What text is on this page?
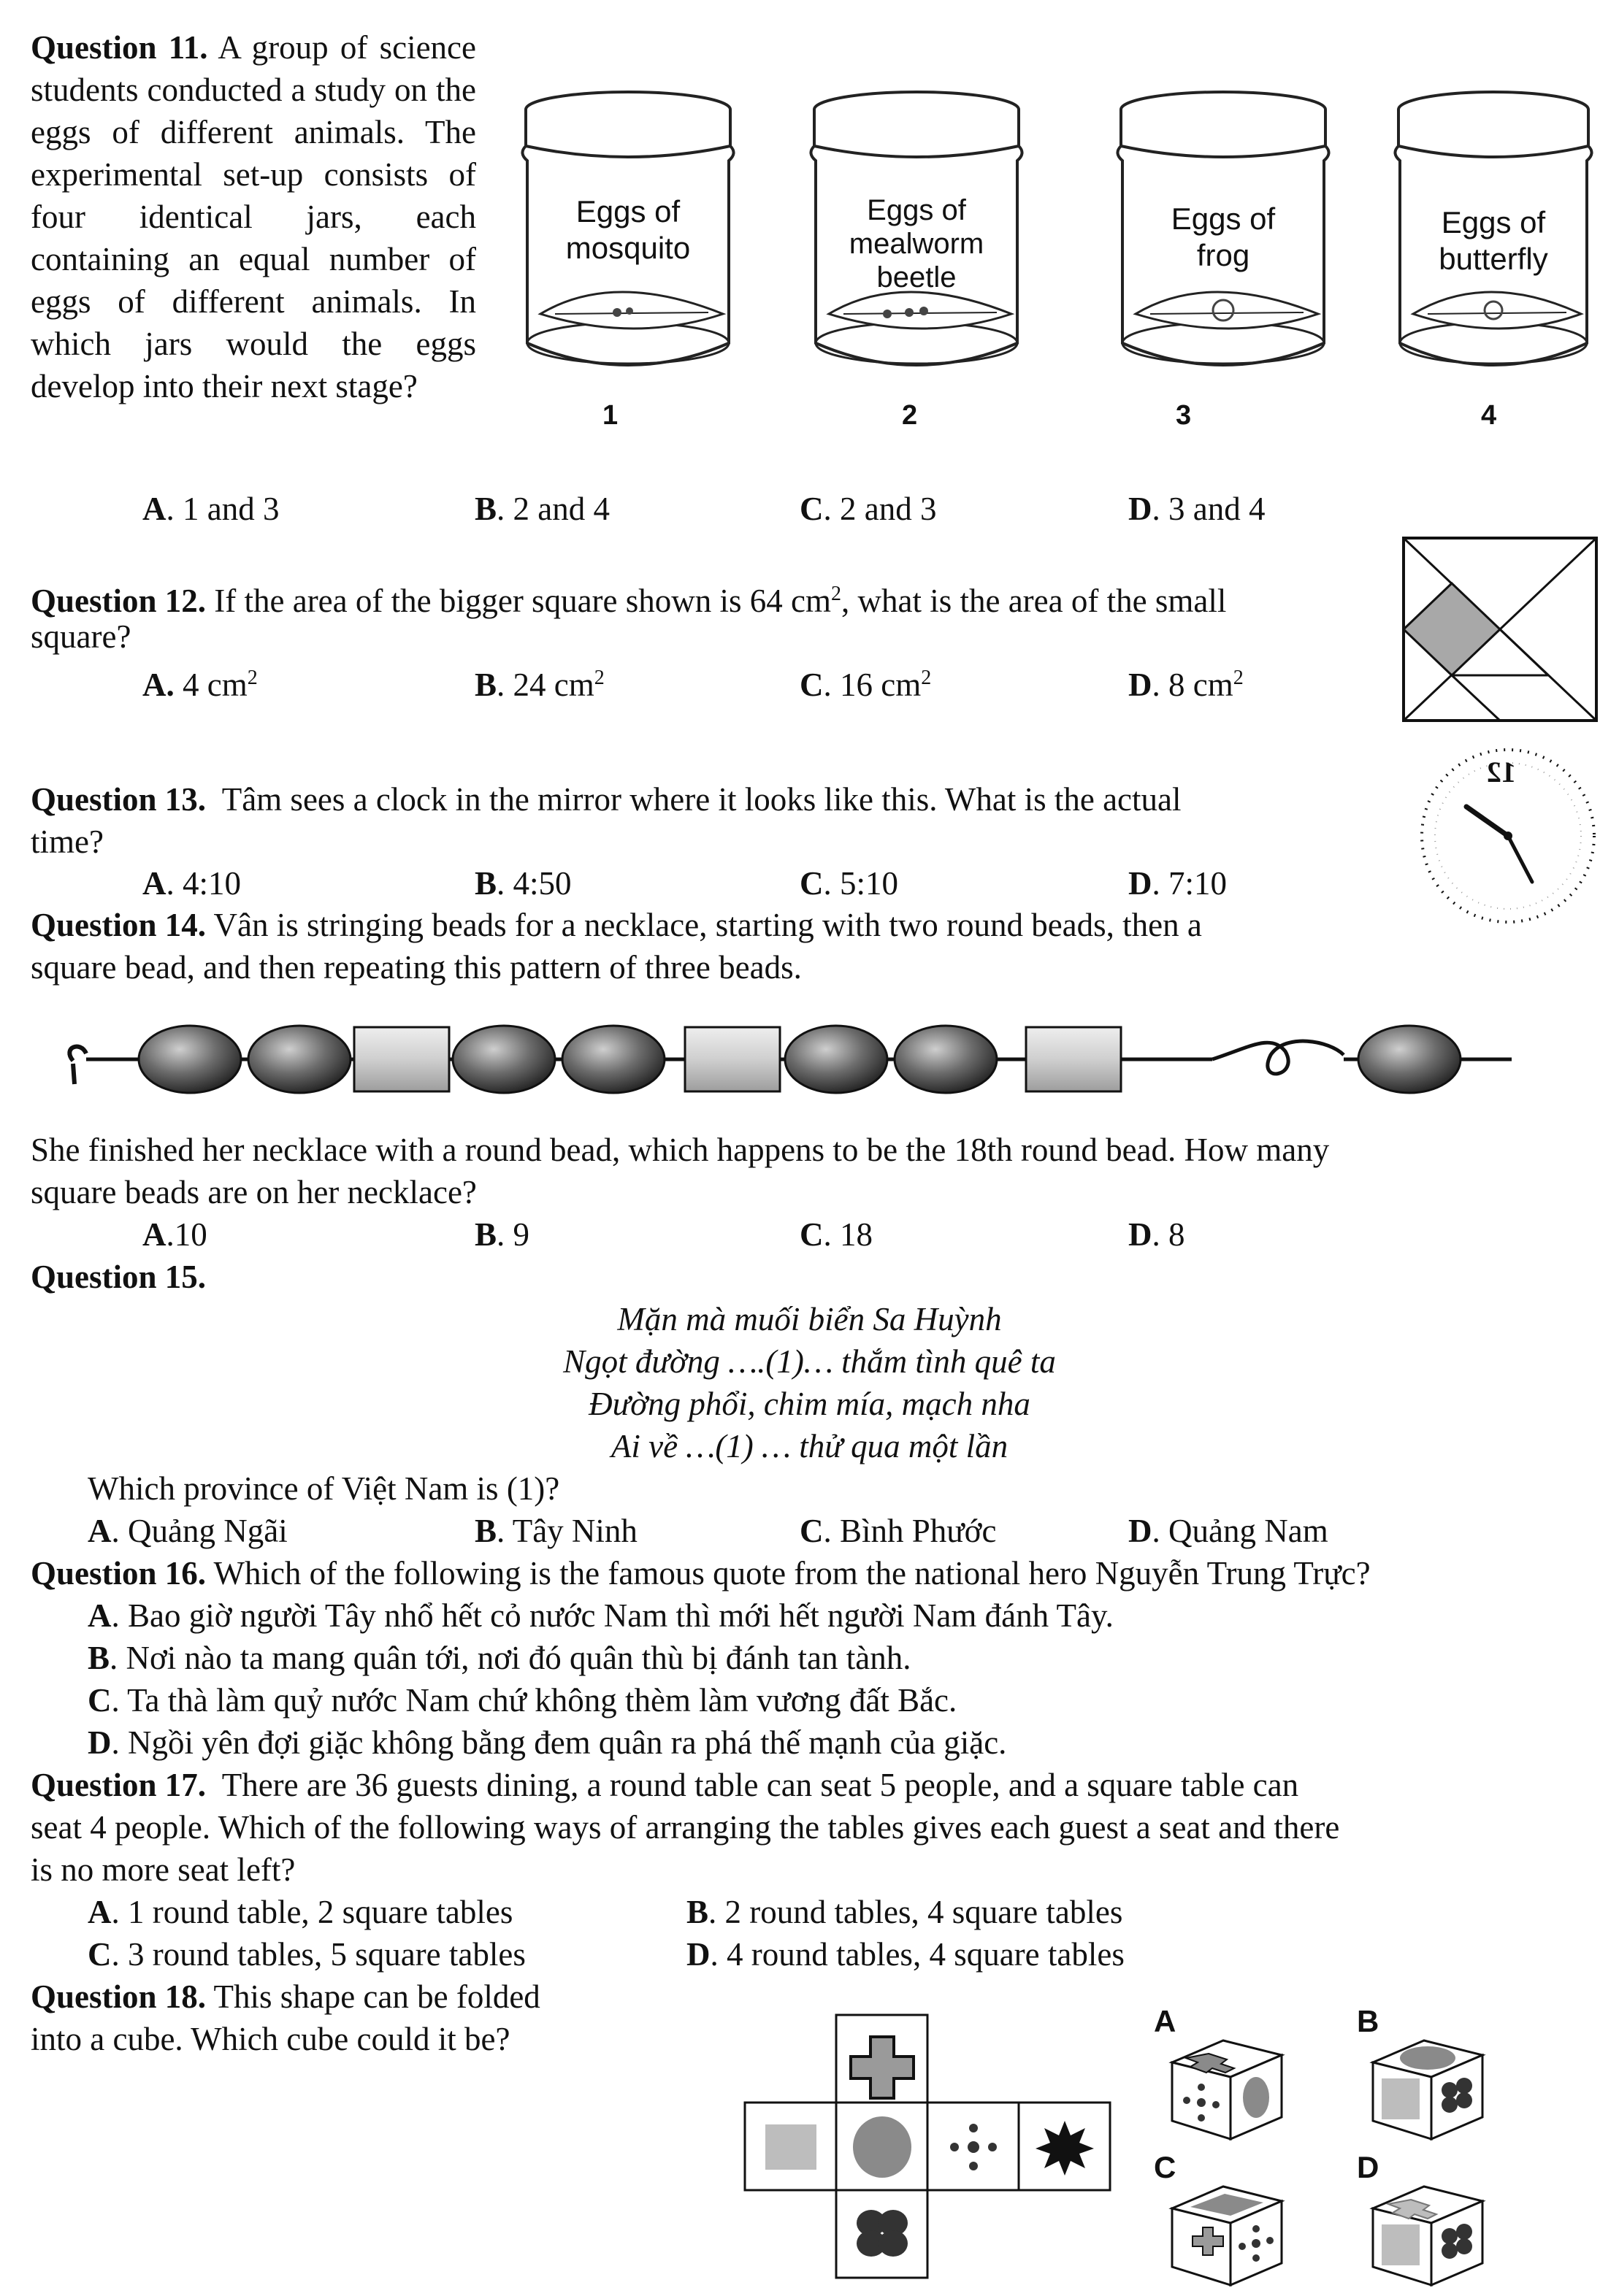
Question 11. A group of science students conducted a study on the eggs of different animals. The experimental set-up consists of four identical jars, each containing an equal number of eggs of different animals. In which jars would the eggs develop into their next stage?
Eggs of
mosquito
1
Eggs of
mealworm
beetle
2
Eggs of
frog
3
Eggs of
butterfly
4
A. 1 and 3	B. 2 and 4	C. 2 and 3	D. 3 and 4
Question 12. If the area of the bigger square shown is 64 $cm^2$, what is the area of the small
square?
A. 4 $cm^2$	B. 24 $cm^2$	C. 16 $cm^2$	D. 8 $cm^2$
Question 13. Tâm sees a clock in the mirror where it looks like this. What is the actual
time?
A. 4:10	B. 4:50	C. 5:10	D. 7:10
12
Question 14. Vân is stringing beads for a necklace, starting with two round beads, then a
square bead, and then repeating this pattern of three beads.
She finished her necklace with a round bead, which happens to be the 18th round bead. How many
square beads are on her necklace?
A.10	B. 9	C. 18	D. 8
Question 15.
Mặn mà muối biển Sa Huỳnh
Ngọt đường ….(1)… thắm tình quê ta
Đường phổi, chim mía, mạch nha
Ai về …(1) … thử qua một lần
Which province of Việt Nam is (1)?
A. Quảng Ngãi	B. Tây Ninh	C. Bình Phước	D. Quảng Nam
Question 16. Which of the following is the famous quote from the national hero Nguyễn Trung Trực?
A. Bao giờ người Tây nhổ hết cỏ nước Nam thì mới hết người Nam đánh Tây.
B. Nơi nào ta mang quân tới, nơi đó quân thù bị đánh tan tành.
C. Ta thà làm quỷ nước Nam chứ không thèm làm vương đất Bắc.
D. Ngồi yên đợi giặc không bằng đem quân ra phá thế mạnh của giặc.
Question 17. There are 36 guests dining, a round table can seat 5 people, and a square table can
seat 4 people. Which of the following ways of arranging the tables gives each guest a seat and there
is no more seat left?
A. 1 round table, 2 square tables	B. 2 round tables, 4 square tables
C. 3 round tables, 5 square tables	D. 4 round tables, 4 square tables
Question 18. This shape can be folded
into a cube. Which cube could it be?	A	B
C	D
